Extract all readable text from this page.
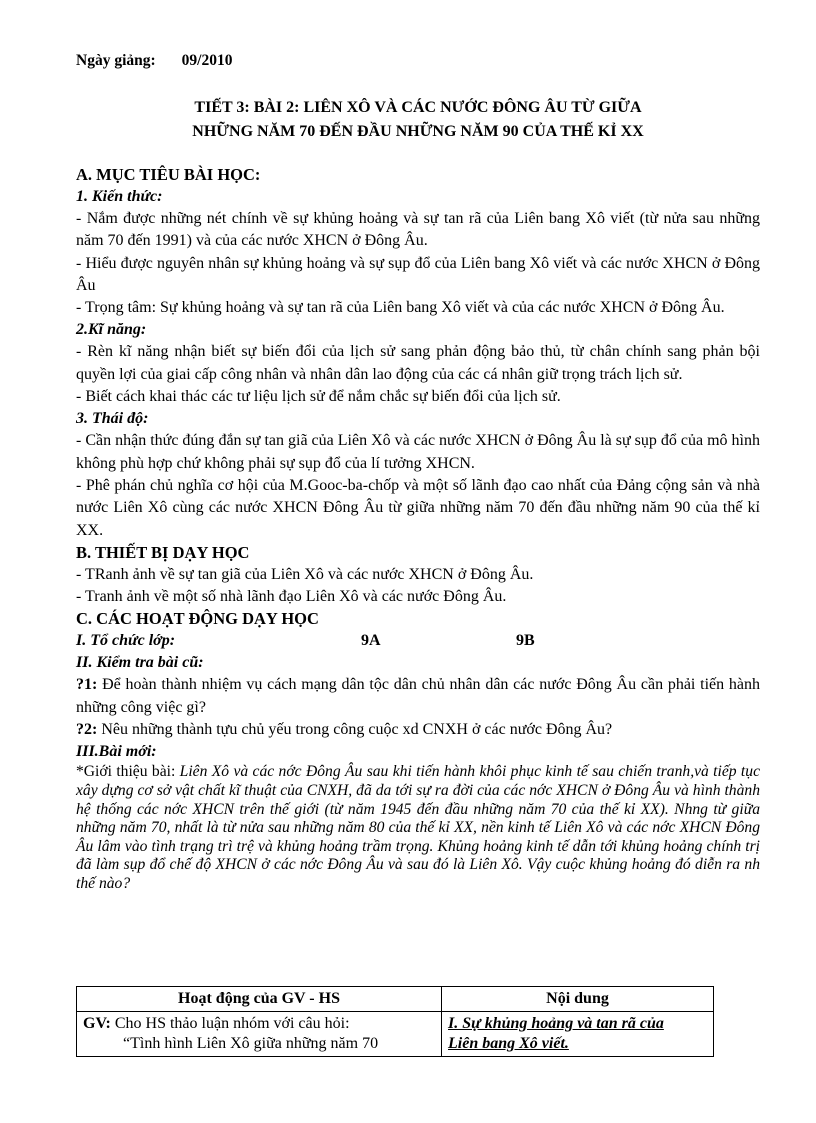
Ngày giảng: 09/2010
TIẾT 3: BÀI 2: LIÊN XÔ VÀ CÁC NƯỚC ĐÔNG ÂU TỪ GIỮA
NHỮNG NĂM 70 ĐẾN ĐẦU NHỮNG NĂM 90 CỦA THẾ KỈ XX
A. MỤC TIÊU BÀI HỌC:
1. Kiến thức:

- Nắm được những nét chính về sự khủng hoảng và sự tan rã của Liên bang Xô viết (từ nửa sau những năm 70 đến 1991) và của các nước XHCN ở Đông Âu.

- Hiểu được nguyên nhân sự khủng hoảng và sự sụp đổ của Liên bang Xô viết và các nước XHCN ở Đông Âu

- Trọng tâm: Sự khủng hoảng và sự tan rã của Liên bang Xô viết và của các nước XHCN ở Đông Âu.

2.Kĩ năng:

- Rèn kĩ năng nhận biết sự biến đổi của lịch sử sang phản động bảo thủ, từ chân chính sang phản bội quyền lợi của giai cấp công nhân và nhân dân lao động của các cá nhân giữ trọng trách lịch sử.

- Biết cách khai thác các tư liệu lịch sử để nắm chắc sự biến đổi của lịch sử.

3. Thái độ:

- Cần nhận thức đúng đắn sự tan giã của Liên Xô và các nước XHCN ở Đông Âu là sự sụp đổ của mô hình không phù hợp chứ không phải sự sụp đổ của lí tưởng XHCN.

- Phê phán chủ nghĩa cơ hội của M.Gooc-ba-chốp và một số lãnh đạo cao nhất của Đảng cộng sản và nhà nước Liên Xô cùng các nước XHCN Đông Âu từ giữa những năm 70 đến đầu những năm 90 của thế kỉ XX.

B. THIẾT BỊ DẠY HỌC

- TRanh ảnh về sự tan giã của Liên Xô và các nước XHCN ở Đông Âu.

- Tranh ảnh về một số nhà lãnh đạo Liên Xô và các nước Đông Âu.

C. CÁC HOẠT ĐỘNG DẠY HỌC
I. Tổ chức lớp:	9A	9B
II. Kiểm tra bài cũ:

?1: Để hoàn thành nhiệm vụ cách mạng dân tộc dân chủ nhân dân các nước Đông Âu cần phải tiến hành những công việc gì?

?2: Nêu những thành tựu chủ yếu trong công cuộc xd CNXH ở các nước Đông Âu?

III.Bài mới:

*Giới thiệu bài: Liên Xô và các nớc Đông Âu sau khi tiến hành khôi phục kinh tế sau chiến tranh,và tiếp tục xây dựng cơ sở vật chất kĩ thuật của CNXH, đã da tới sự ra đời của các nớc XHCN ở Đông Âu và hình thành hệ thống các nớc XHCN trên thế giới (từ năm 1945 đến đầu những năm 70 của thế kỉ XX). Nhng từ giữa những năm 70, nhất là từ nửa sau những năm 80 của thế kỉ XX, nền kinh tế Liên Xô và các nớc XHCN Đông Âu lâm vào tình trạng trì trệ và khủng hoảng trầm trọng. Khủng hoảng kinh tế dẫn tới khủng hoảng chính trị đã làm sụp đổ chế độ XHCN ở các nớc Đông Âu và sau đó là Liên Xô. Vậy cuộc khủng hoảng đó diễn ra nh thế nào?

Hoạt động của GV - HS	Nội dung
GV: Cho HS thảo luận nhóm với câu hỏi:
“Tình hình Liên Xô giữa những năm 70	I. Sự khủng hoảng và tan rã của
Liên bang Xô viết.
